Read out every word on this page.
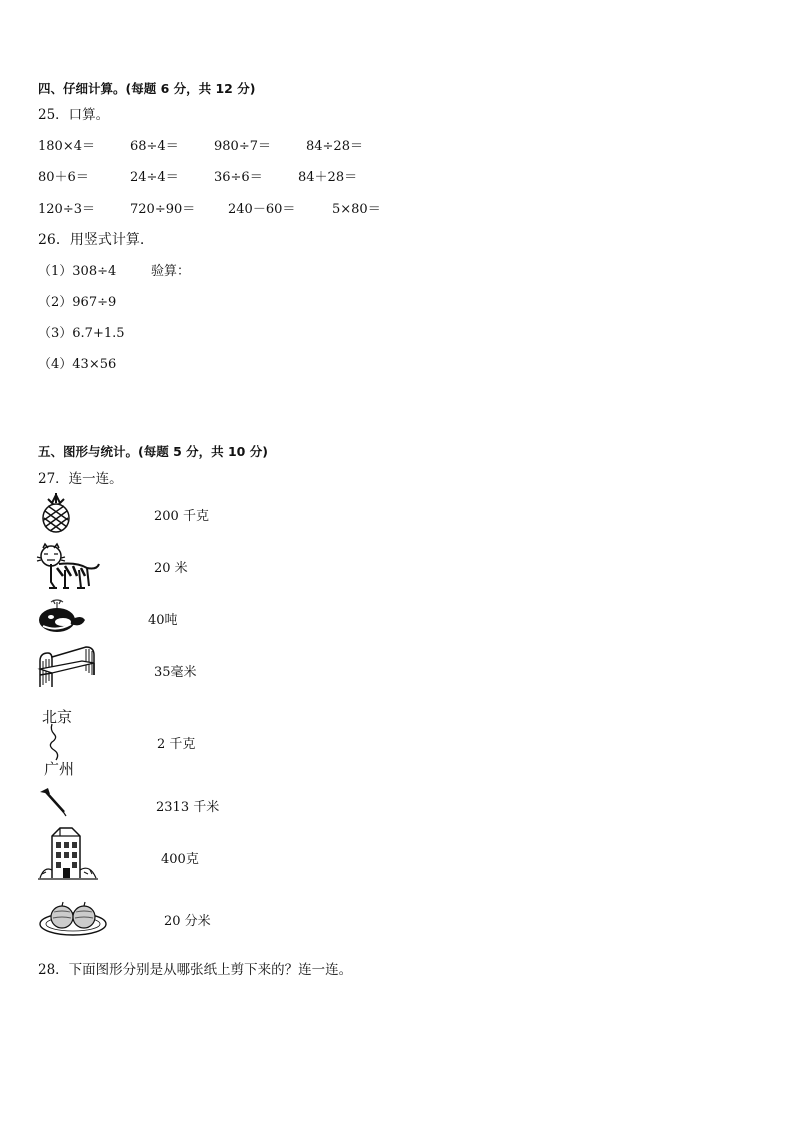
四、仔细计算。(每题 6 分，共 12 分)
25．口算。
180×4＝	68÷4＝	980÷7＝	84÷28＝
80＋6＝	24÷4＝	36÷6＝	84＋28＝
120÷3＝	720÷90＝	240－60＝	5×80＝
26．用竖式计算.
（1）308÷4	验算：
（2）967÷9
（3）6.7+1.5
（4）43×56
五、图形与统计。(每题 5 分，共 10 分)
27．连一连。
200 千克
20 米
40吨
35毫米
北京
广州
2 千克
2313 千米
400克
20 分米
28．下面图形分别是从哪张纸上剪下来的？连一连。
